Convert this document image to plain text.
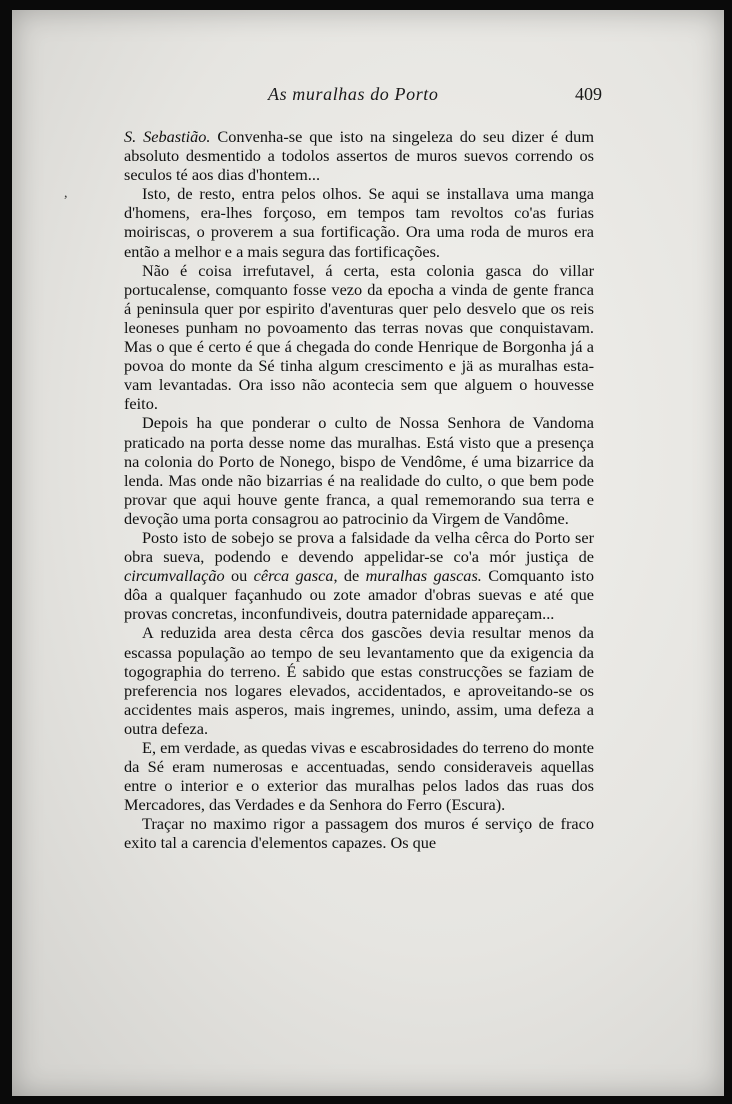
As muralhas do Porto	409
,

S. Sebastião. Convenha-se que isto na singeleza do seu dizer é dum absoluto desmentido a todolos assertos de muros suevos correndo os seculos té aos dias d'hontem...

Isto, de resto, entra pelos olhos. Se aqui se installava uma manga d'homens, era-lhes forçoso, em tempos tam revoltos co'as furias moiriscas, o proverem a sua fortificação. Ora uma roda de muros era então a melhor e a mais segura das fortificações.

Não é coisa irrefutavel, á certa, esta colonia gasca do villar portucalense, comquanto fosse vezo da epocha a vinda de gente franca á peninsula quer por espirito d'aventuras quer pelo desvelo que os reis leoneses punham no povoamento das terras novas que conquistavam. Mas o que é certo é que á chegada do conde Henrique de Borgonha já a povoa do monte da Sé tinha algum crescimento e jä as muralhas estavam levantadas. Ora isso não acontecia sem que alguem o houvesse feito.

Depois ha que ponderar o culto de Nossa Senhora de Vandoma praticado na porta desse nome das muralhas. Está visto que a presença na colonia do Porto de Nonego, bispo de Vendôme, é uma bizarrice da lenda. Mas onde não bizarrias é na realidade do culto, o que bem pode provar que aqui houve gente franca, a qual rememorando sua terra e devoção uma porta consagrou ao patrocinio da Virgem de Vandôme.

Posto isto de sobejo se prova a falsidade da velha cêrca do Porto ser obra sueva, podendo e devendo appelidar-se co'a mór justiça de circumvallação ou cêrca gasca, de muralhas gascas. Comquanto isto dôa a qualquer façanhudo ou zote amador d'obras suevas e até que provas concretas, inconfundiveis, doutra paternidade appareçam...

A reduzida area desta cêrca dos gascões devia resultar menos da escassa população ao tempo de seu levantamento que da exigencia da togographia do terreno. É sabido que estas construcções se faziam de preferencia nos logares elevados, accidentados, e aproveitando-se os accidentes mais asperos, mais ingremes, unindo, assim, uma defeza a outra defeza.

E, em verdade, as quedas vivas e escabrosidades do terreno do monte da Sé eram numerosas e accentuadas, sendo consideraveis aquellas entre o interior e o exterior das muralhas pelos lados das ruas dos Mercadores, das Verdades e da Senhora do Ferro (Escura).

Traçar no maximo rigor a passagem dos muros é serviço de fraco exito tal a carencia d'elementos capazes. Os que
